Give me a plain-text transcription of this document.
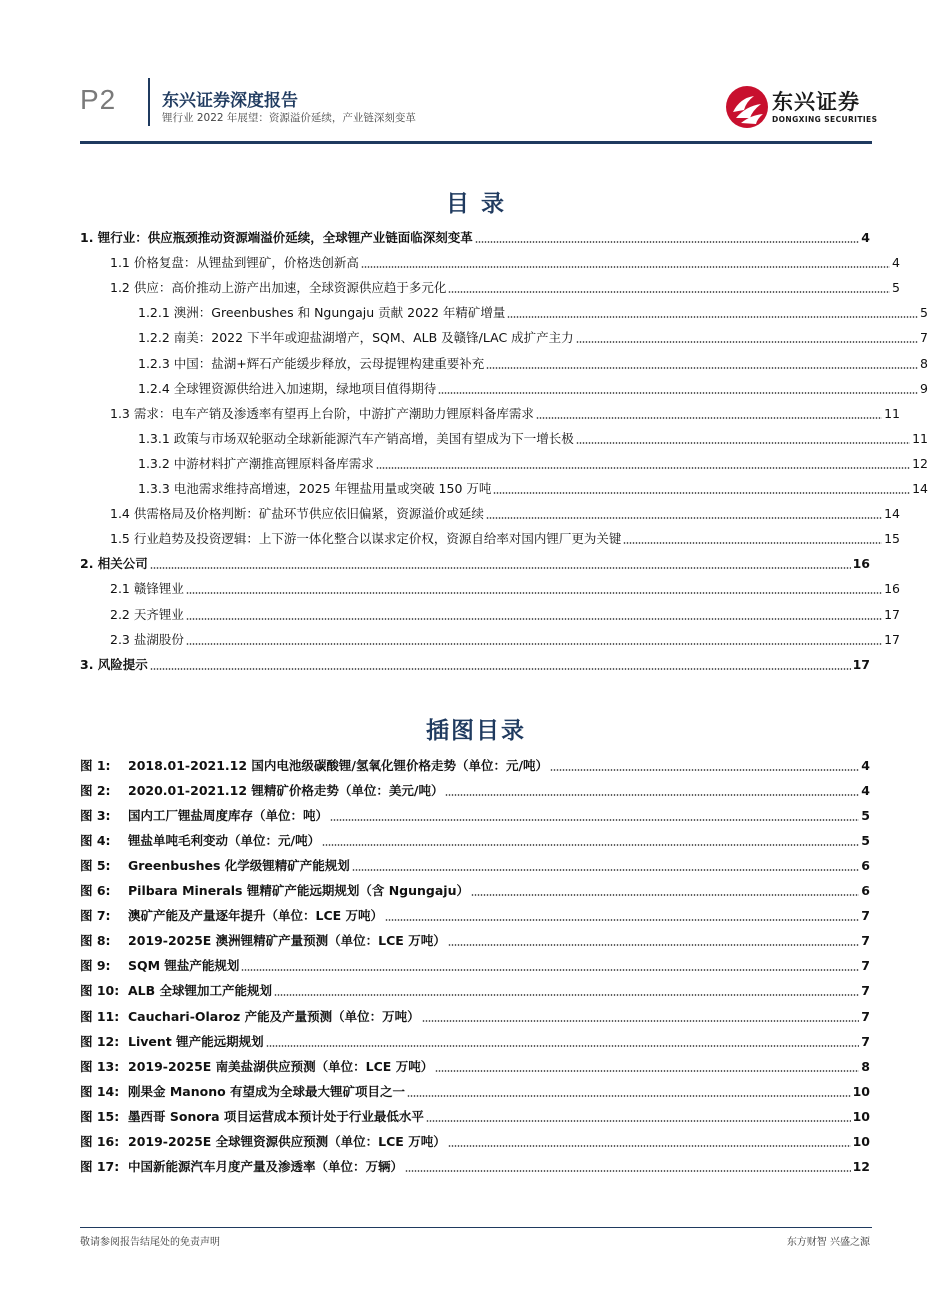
P2	东兴证券深度报告
锂行业 2022 年展望：资源溢价延续，产业链深刻变革
东兴证券
DONGXING SECURITIES
目 录
1. 锂行业：供应瓶颈推动资源端溢价延续，全球锂产业链面临深刻变革	4
1.1 价格复盘：从锂盐到锂矿，价格迭创新高	4
1.2 供应：高价推动上游产出加速，全球资源供应趋于多元化	5
1.2.1 澳洲：Greenbushes 和 Ngungaju 贡献 2022 年精矿增量	5
1.2.2 南美：2022 下半年或迎盐湖增产，SQM、ALB 及赣锋/LAC 成扩产主力	7
1.2.3 中国：盐湖+辉石产能缓步释放，云母提锂构建重要补充	8
1.2.4 全球锂资源供给进入加速期，绿地项目值得期待	9
1.3 需求：电车产销及渗透率有望再上台阶，中游扩产潮助力锂原料备库需求	11
1.3.1 政策与市场双轮驱动全球新能源汽车产销高增，美国有望成为下一增长极	11
1.3.2 中游材料扩产潮推高锂原料备库需求	12
1.3.3 电池需求维持高增速，2025 年锂盐用量或突破 150 万吨	14
1.4 供需格局及价格判断：矿盐环节供应依旧偏紧，资源溢价或延续	14
1.5 行业趋势及投资逻辑：上下游一体化整合以谋求定价权，资源自给率对国内锂厂更为关键	15
2. 相关公司	16
2.1 赣锋锂业	16
2.2 天齐锂业	17
2.3 盐湖股份	17
3. 风险提示	17
插图目录
图 1: 2018.01-2021.12 国内电池级碳酸锂/氢氧化锂价格走势（单位：元/吨）	4
图 2: 2020.01-2021.12 锂精矿价格走势（单位：美元/吨）	4
图 3: 国内工厂锂盐周度库存（单位：吨）	5
图 4: 锂盐单吨毛利变动（单位：元/吨）	5
图 5: Greenbushes 化学级锂精矿产能规划	6
图 6: Pilbara Minerals 锂精矿产能远期规划（含 Ngungaju）	6
图 7: 澳矿产能及产量逐年提升（单位：LCE 万吨）	7
图 8: 2019-2025E 澳洲锂精矿产量预测（单位：LCE 万吨）	7
图 9: SQM 锂盐产能规划	7
图 10: ALB 全球锂加工产能规划	7
图 11: Cauchari-Olaroz 产能及产量预测（单位：万吨）	7
图 12: Livent 锂产能远期规划	7
图 13: 2019-2025E 南美盐湖供应预测（单位：LCE 万吨）	8
图 14: 刚果金 Manono 有望成为全球最大锂矿项目之一	10
图 15: 墨西哥 Sonora 项目运营成本预计处于行业最低水平	10
图 16: 2019-2025E 全球锂资源供应预测（单位：LCE 万吨）	10
图 17: 中国新能源汽车月度产量及渗透率（单位：万辆）	12
敬请参阅报告结尾处的免责声明	东方财智 兴盛之源
